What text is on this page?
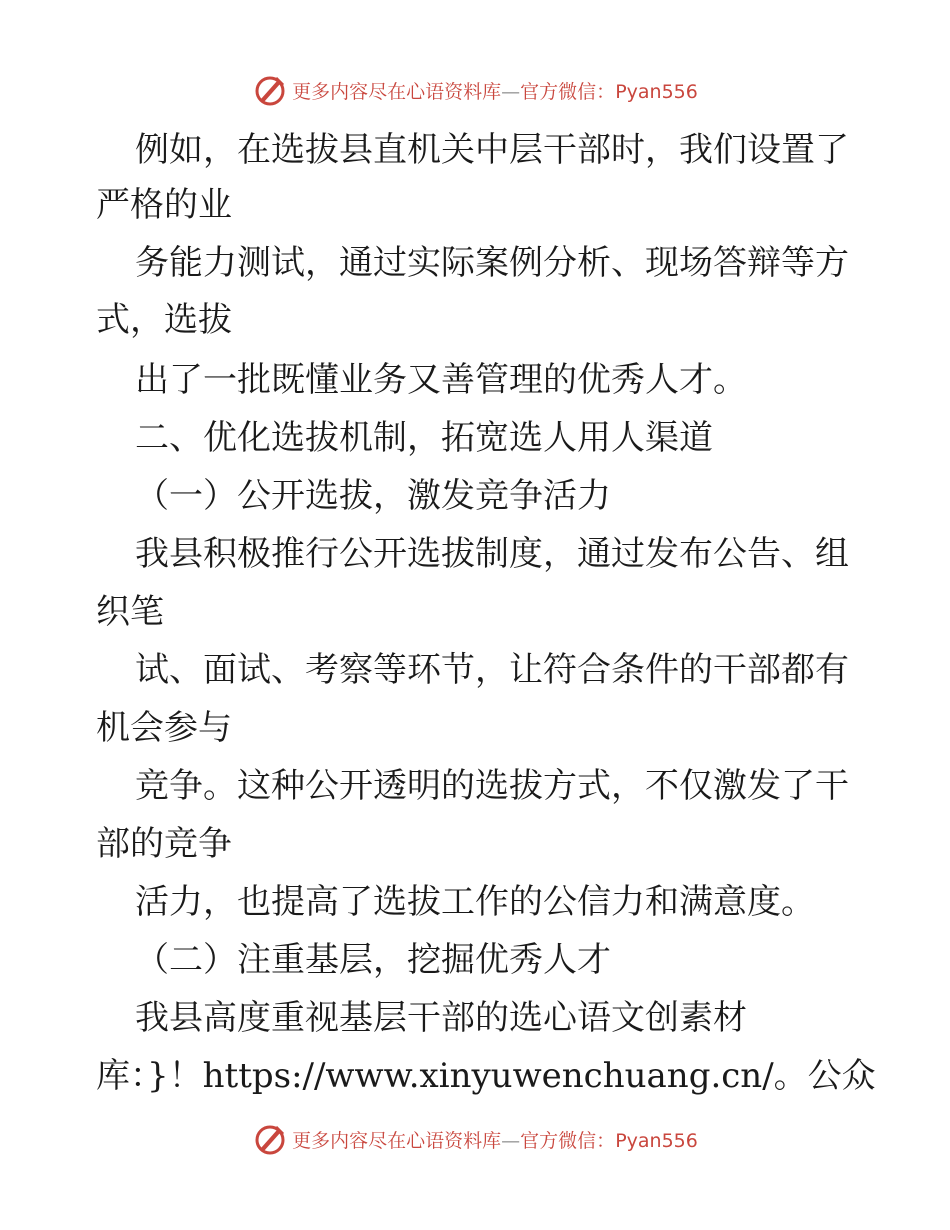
更多内容尽在心语资料库—官方微信：Pyan556
例如，在选拔县直机关中层干部时，我们设置了
严格的业
务能力测试，通过实际案例分析、现场答辩等方
式，选拔
出了一批既懂业务又善管理的优秀人才。
二、优化选拔机制，拓宽选人用人渠道
（一）公开选拔，激发竞争活力
我县积极推行公开选拔制度，通过发布公告、组
织笔
试、面试、考察等环节，让符合条件的干部都有
机会参与
竞争。这种公开透明的选拔方式，不仅激发了干
部的竞争
活力，也提高了选拔工作的公信力和满意度。
（二）注重基层，挖掘优秀人才
我县高度重视基层干部的选心语文创素材
库：}！https://www.xinyuwenchuang.cn/。公众
更多内容尽在心语资料库—官方微信：Pyan556
